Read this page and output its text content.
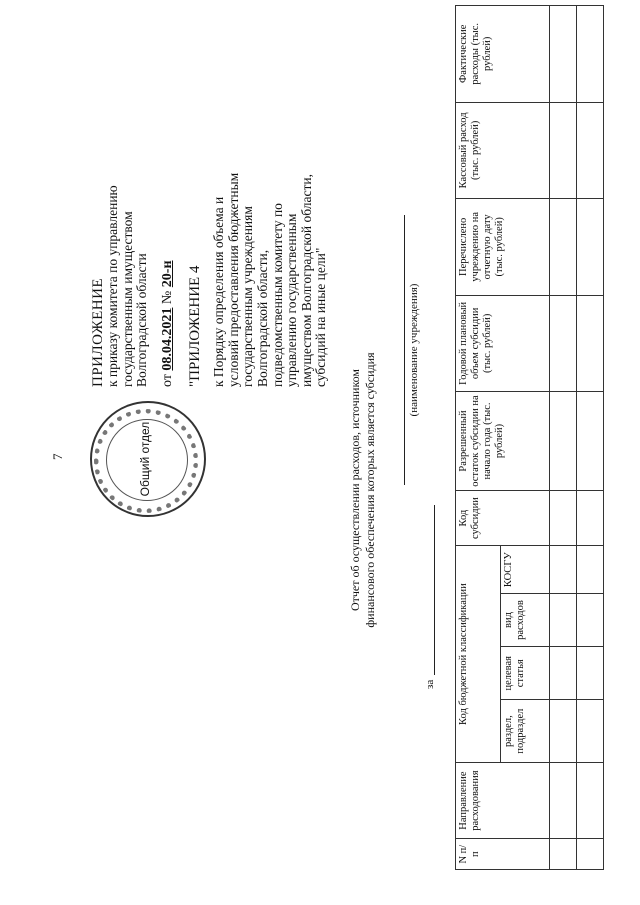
7	Общий отдел
ПРИЛОЖЕНИЕ к приказу комитета по управлению государственным имуществом Волгоградской области от 08.04.2021 № 20-н "ПРИЛОЖЕНИЕ 4 к Порядку определения объема и условий предоставления бюджетным государственным учреждениям Волгоградской области, подведомственным комитету по управлению государственным имуществом Волгоградской области, субсидий на иные цели"
Отчет об осуществлении расходов, источником финансового обеспечения которых является субсидия
(наименование учреждения)
за
N п/п	Направление расходования	Код бюджетной классификации				Код субсидии	Разрешенный остаток субсидии на начало года (тыс. рублей)	Годовой плановый объем субсидии (тыс. рублей)	Перечислено учреждению на отчетную дату (тыс. рублей)	Кассовый расход (тыс. рублей)	Фактические расходы (тыс. рублей)
		раздел, подраздел	целевая статья	вид расходов	КОСГУ						
